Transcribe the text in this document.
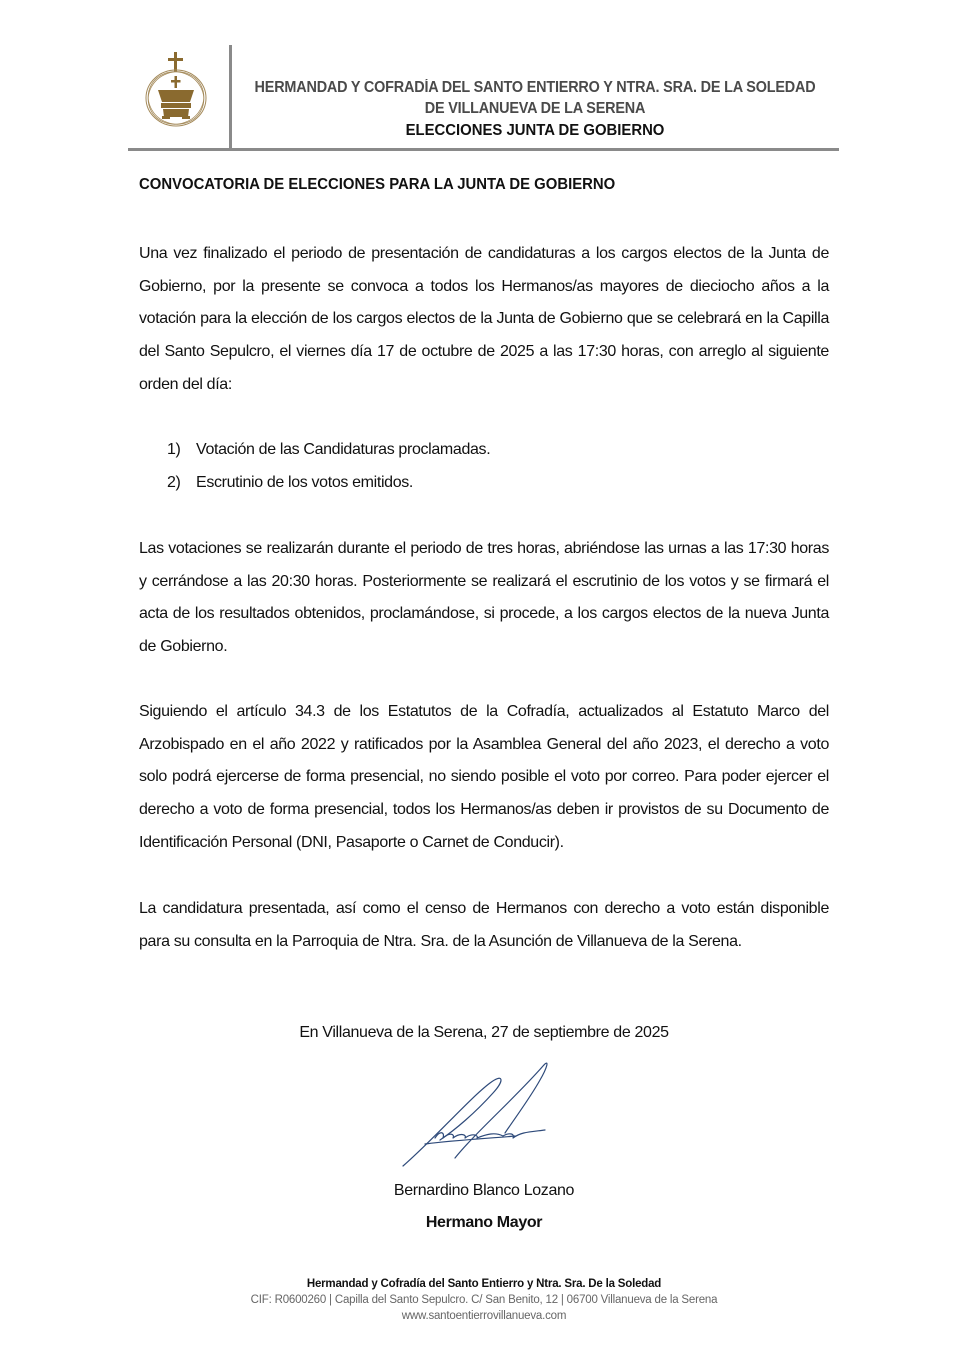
HERMANDAD Y COFRADÍA DEL SANTO ENTIERRO Y NTRA. SRA. DE LA SOLEDAD
DE VILLANUEVA DE LA SERENA
ELECCIONES JUNTA DE GOBIERNO
CONVOCATORIA DE ELECCIONES PARA LA JUNTA DE GOBIERNO
Una vez finalizado el periodo de presentación de candidaturas a los cargos electos de la Junta de Gobierno, por la presente se convoca a todos los Hermanos/as mayores de dieciocho años a la votación para la elección de los cargos electos de la Junta de Gobierno que se celebrará en la Capilla del Santo Sepulcro, el viernes día 17 de octubre de 2025 a las 17:30 horas, con arreglo al siguiente orden del día:
1) Votación de las Candidaturas proclamadas.
2) Escrutinio de los votos emitidos.
Las votaciones se realizarán durante el periodo de tres horas, abriéndose las urnas a las 17:30 horas y cerrándose a las 20:30 horas. Posteriormente se realizará el escrutinio de los votos y se firmará el acta de los resultados obtenidos, proclamándose, si procede, a los cargos electos de la nueva Junta de Gobierno.
Siguiendo el artículo 34.3 de los Estatutos de la Cofradía, actualizados al Estatuto Marco del Arzobispado en el año 2022 y ratificados por la Asamblea General del año 2023, el derecho a voto solo podrá ejercerse de forma presencial, no siendo posible el voto por correo. Para poder ejercer el derecho a voto de forma presencial, todos los Hermanos/as deben ir provistos de su Documento de Identificación Personal (DNI, Pasaporte o Carnet de Conducir).
La candidatura presentada, así como el censo de Hermanos con derecho a voto están disponible para su consulta en la Parroquia de Ntra. Sra. de la Asunción de Villanueva de la Serena.
En Villanueva de la Serena, 27 de septiembre de 2025
Bernardino Blanco Lozano
Hermano Mayor
Hermandad y Cofradía del Santo Entierro y Ntra. Sra. De la Soledad
CIF: R0600260 | Capilla del Santo Sepulcro. C/ San Benito, 12 | 06700 Villanueva de la Serena
www.santoentierrovillanueva.com
